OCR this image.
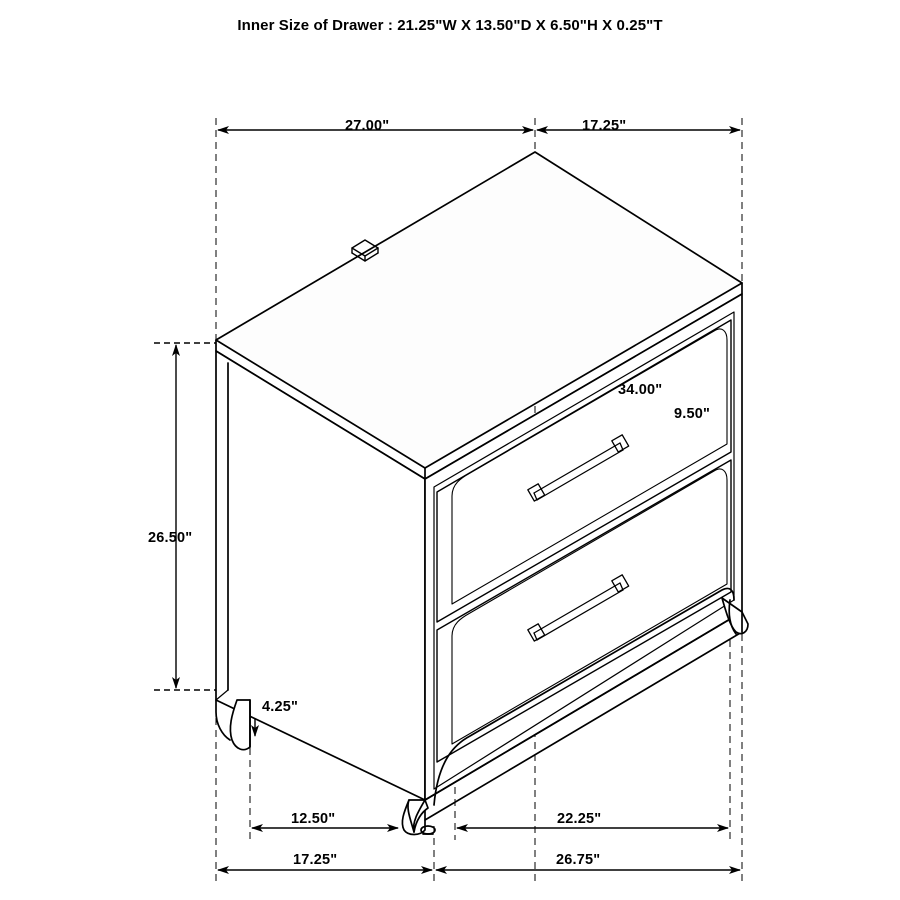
Inner Size of Drawer : 21.25"W X 13.50"D X 6.50"H X 0.25"T
27.00"	17.25"
34.00"
9.50"
26.50"
4.25"
12.50"	22.25"
17.25"	26.75"
